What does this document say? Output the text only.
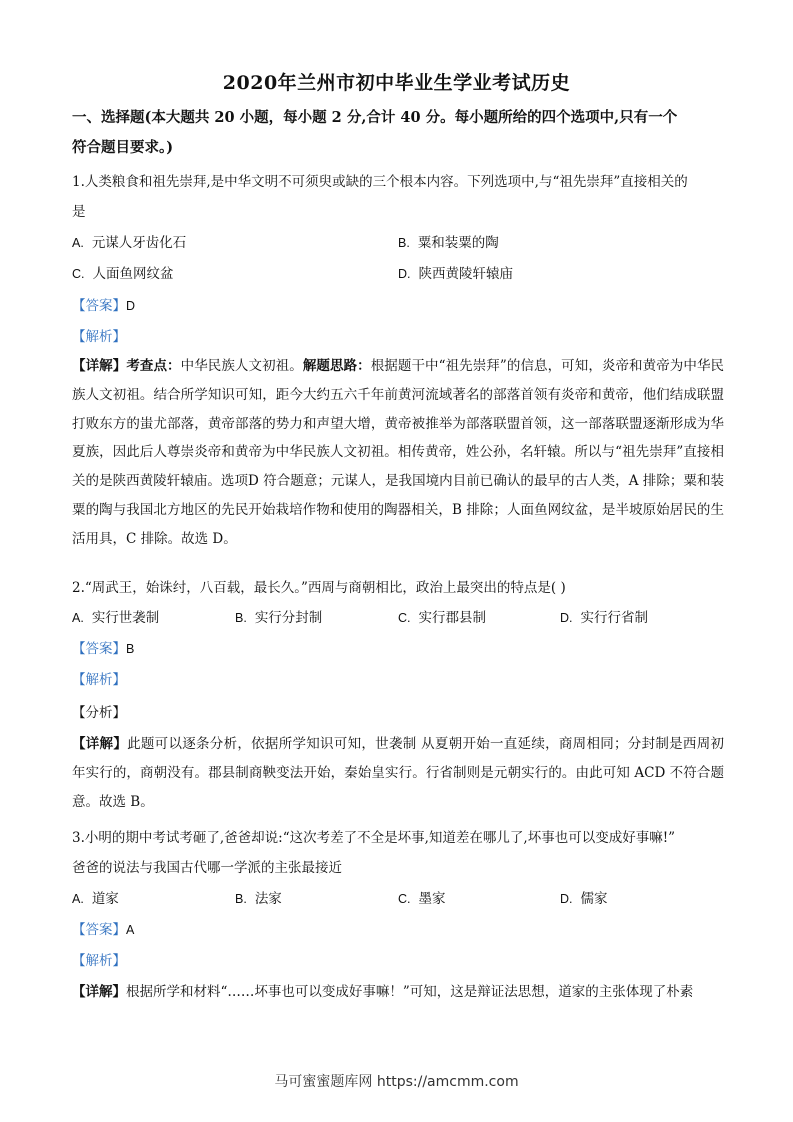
2020年兰州市初中毕业生学业考试历史
一、选择题(本大题共 20 小题，每小题 2 分,合计 40 分。每小题所给的四个选项中,只有一个
符合题目要求。)
1.人类粮食和祖先崇拜,是中华文明不可须臾或缺的三个根本内容。下列选项中,与“祖先崇拜”直接相关的
是
A. 元谋人牙齿化石	B. 粟和装粟的陶
C. 人面鱼网纹盆	D. 陕西黄陵轩辕庙
【答案】D
【解析】
【详解】考查点：中华民族人文初祖。解题思路：根据题干中“祖先崇拜”的信息，可知，炎帝和黄帝为中华民族人文初祖。结合所学知识可知，距今大约五六千年前黄河流域著名的部落首领有炎帝和黄帝，他们结成联盟打败东方的蚩尤部落，黄帝部落的势力和声望大增，黄帝被推举为部落联盟首领，这一部落联盟逐渐形成为华夏族，因此后人尊崇炎帝和黄帝为中华民族人文初祖。相传黄帝，姓公孙，名轩辕。所以与“祖先崇拜”直接相关的是陕西黄陵轩辕庙。选项D 符合题意；元谋人，是我国境内目前已确认的最早的古人类，A 排除；粟和装粟的陶与我国北方地区的先民开始栽培作物和使用的陶器相关，B 排除；人面鱼网纹盆，是半坡原始居民的生活用具，C 排除。故选 D。
2.“周武王，始诛纣，八百载，最长久。”西周与商朝相比，政治上最突出的特点是( )
A. 实行世袭制	B. 实行分封制	C. 实行郡县制	D. 实行行省制
【答案】B
【解析】
【分析】
【详解】此题可以逐条分析，依据所学知识可知，世袭制 从夏朝开始一直延续，商周相同；分封制是西周初年实行的，商朝没有。郡县制商鞅变法开始，秦始皇实行。行省制则是元朝实行的。由此可知 ACD 不符合题意。故选 B。
3.小明的期中考试考砸了,爸爸却说:“这次考差了不全是坏事,知道差在哪儿了,坏事也可以变成好事嘛!”
爸爸的说法与我国古代哪一学派的主张最接近
A. 道家	B. 法家	C. 墨家	D. 儒家
【答案】A
【解析】
【详解】根据所学和材料“……坏事也可以变成好事嘛！”可知，这是辩证法思想，道家的主张体现了朴素
马可蜜蜜题库网 https://amcmm.com
